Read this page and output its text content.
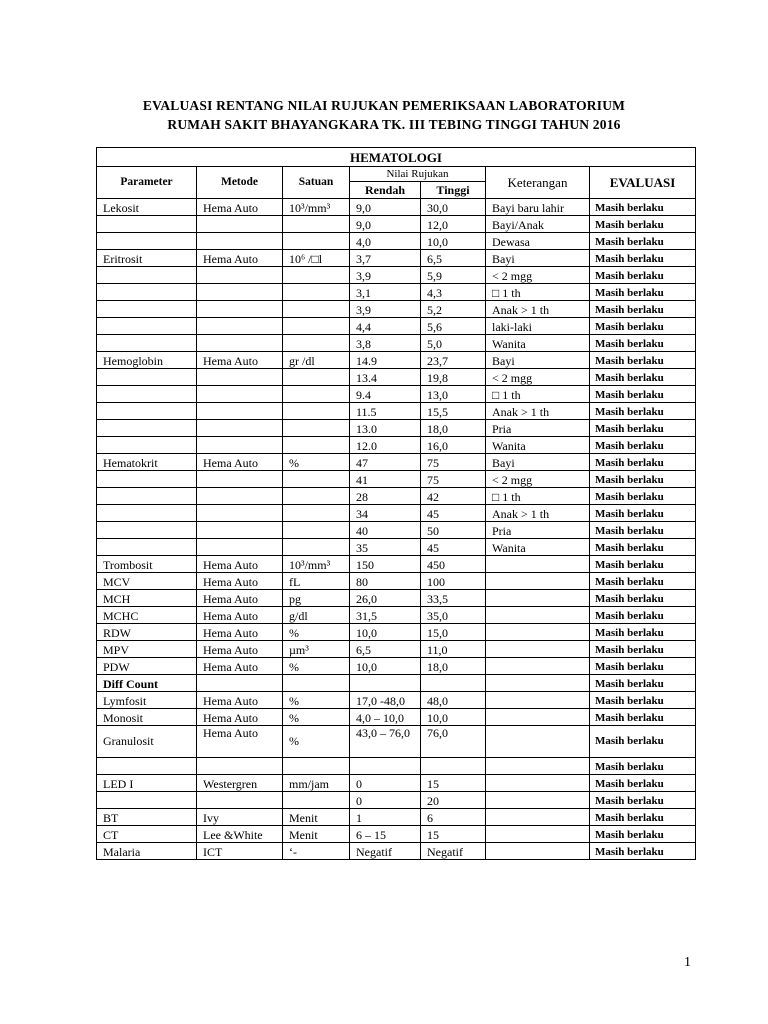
EVALUASI RENTANG NILAI RUJUKAN PEMERIKSAAN LABORATORIUM
RUMAH SAKIT BHAYANGKARA TK. III TEBING TINGGI TAHUN 2016
HEMATOLOGI						
Parameter	Metode	Satuan	Nilai Rujukan		Keterangan	EVALUASI
			Rendah	Tinggi		
Lekosit	Hema Auto	10³/mm³	9,0	30,0	Bayi baru lahir	Masih berlaku
			9,0	12,0	Bayi/Anak	Masih berlaku
			4,0	10,0	Dewasa	Masih berlaku
Eritrosit	Hema Auto	10⁶ /□l	3,7	6,5	Bayi	Masih berlaku
			3,9	5,9	< 2 mgg	Masih berlaku
			3,1	4,3	□ 1 th	Masih berlaku
			3,9	5,2	Anak > 1 th	Masih berlaku
			4,4	5,6	laki-laki	Masih berlaku
			3,8	5,0	Wanita	Masih berlaku
Hemoglobin	Hema Auto	gr /dl	14.9	23,7	Bayi	Masih berlaku
			13.4	19,8	< 2 mgg	Masih berlaku
			9.4	13,0	□ 1 th	Masih berlaku
			11.5	15,5	Anak > 1 th	Masih berlaku
			13.0	18,0	Pria	Masih berlaku
			12.0	16,0	Wanita	Masih berlaku
Hematokrit	Hema Auto	%	47	75	Bayi	Masih berlaku
			41	75	< 2 mgg	Masih berlaku
			28	42	□ 1 th	Masih berlaku
			34	45	Anak > 1 th	Masih berlaku
			40	50	Pria	Masih berlaku
			35	45	Wanita	Masih berlaku
Trombosit	Hema Auto	10³/mm³	150	450		Masih berlaku
MCV	Hema Auto	fL	80	100		Masih berlaku
MCH	Hema Auto	pg	26,0	33,5		Masih berlaku
MCHC	Hema Auto	g/dl	31,5	35,0		Masih berlaku
RDW	Hema Auto	%	10,0	15,0		Masih berlaku
MPV	Hema Auto	µm³	6,5	11,0		Masih berlaku
PDW	Hema Auto	%	10,0	18,0		Masih berlaku
Diff Count						Masih berlaku
Lymfosit	Hema Auto	%	17,0 -48,0	48,0		Masih berlaku
Monosit	Hema Auto	%	4,0 – 10,0	10,0		Masih berlaku
Granulosit	Hema Auto	%	43,0 – 76,0	76,0		Masih berlaku
						Masih berlaku
LED I	Westergren	mm/jam	0	15		Masih berlaku
			0	20		Masih berlaku
BT	Ivy	Menit	1	6		Masih berlaku
CT	Lee &White	Menit	6 – 15	15		Masih berlaku
Malaria	ICT	‘-	Negatif	Negatif		Masih berlaku
1
